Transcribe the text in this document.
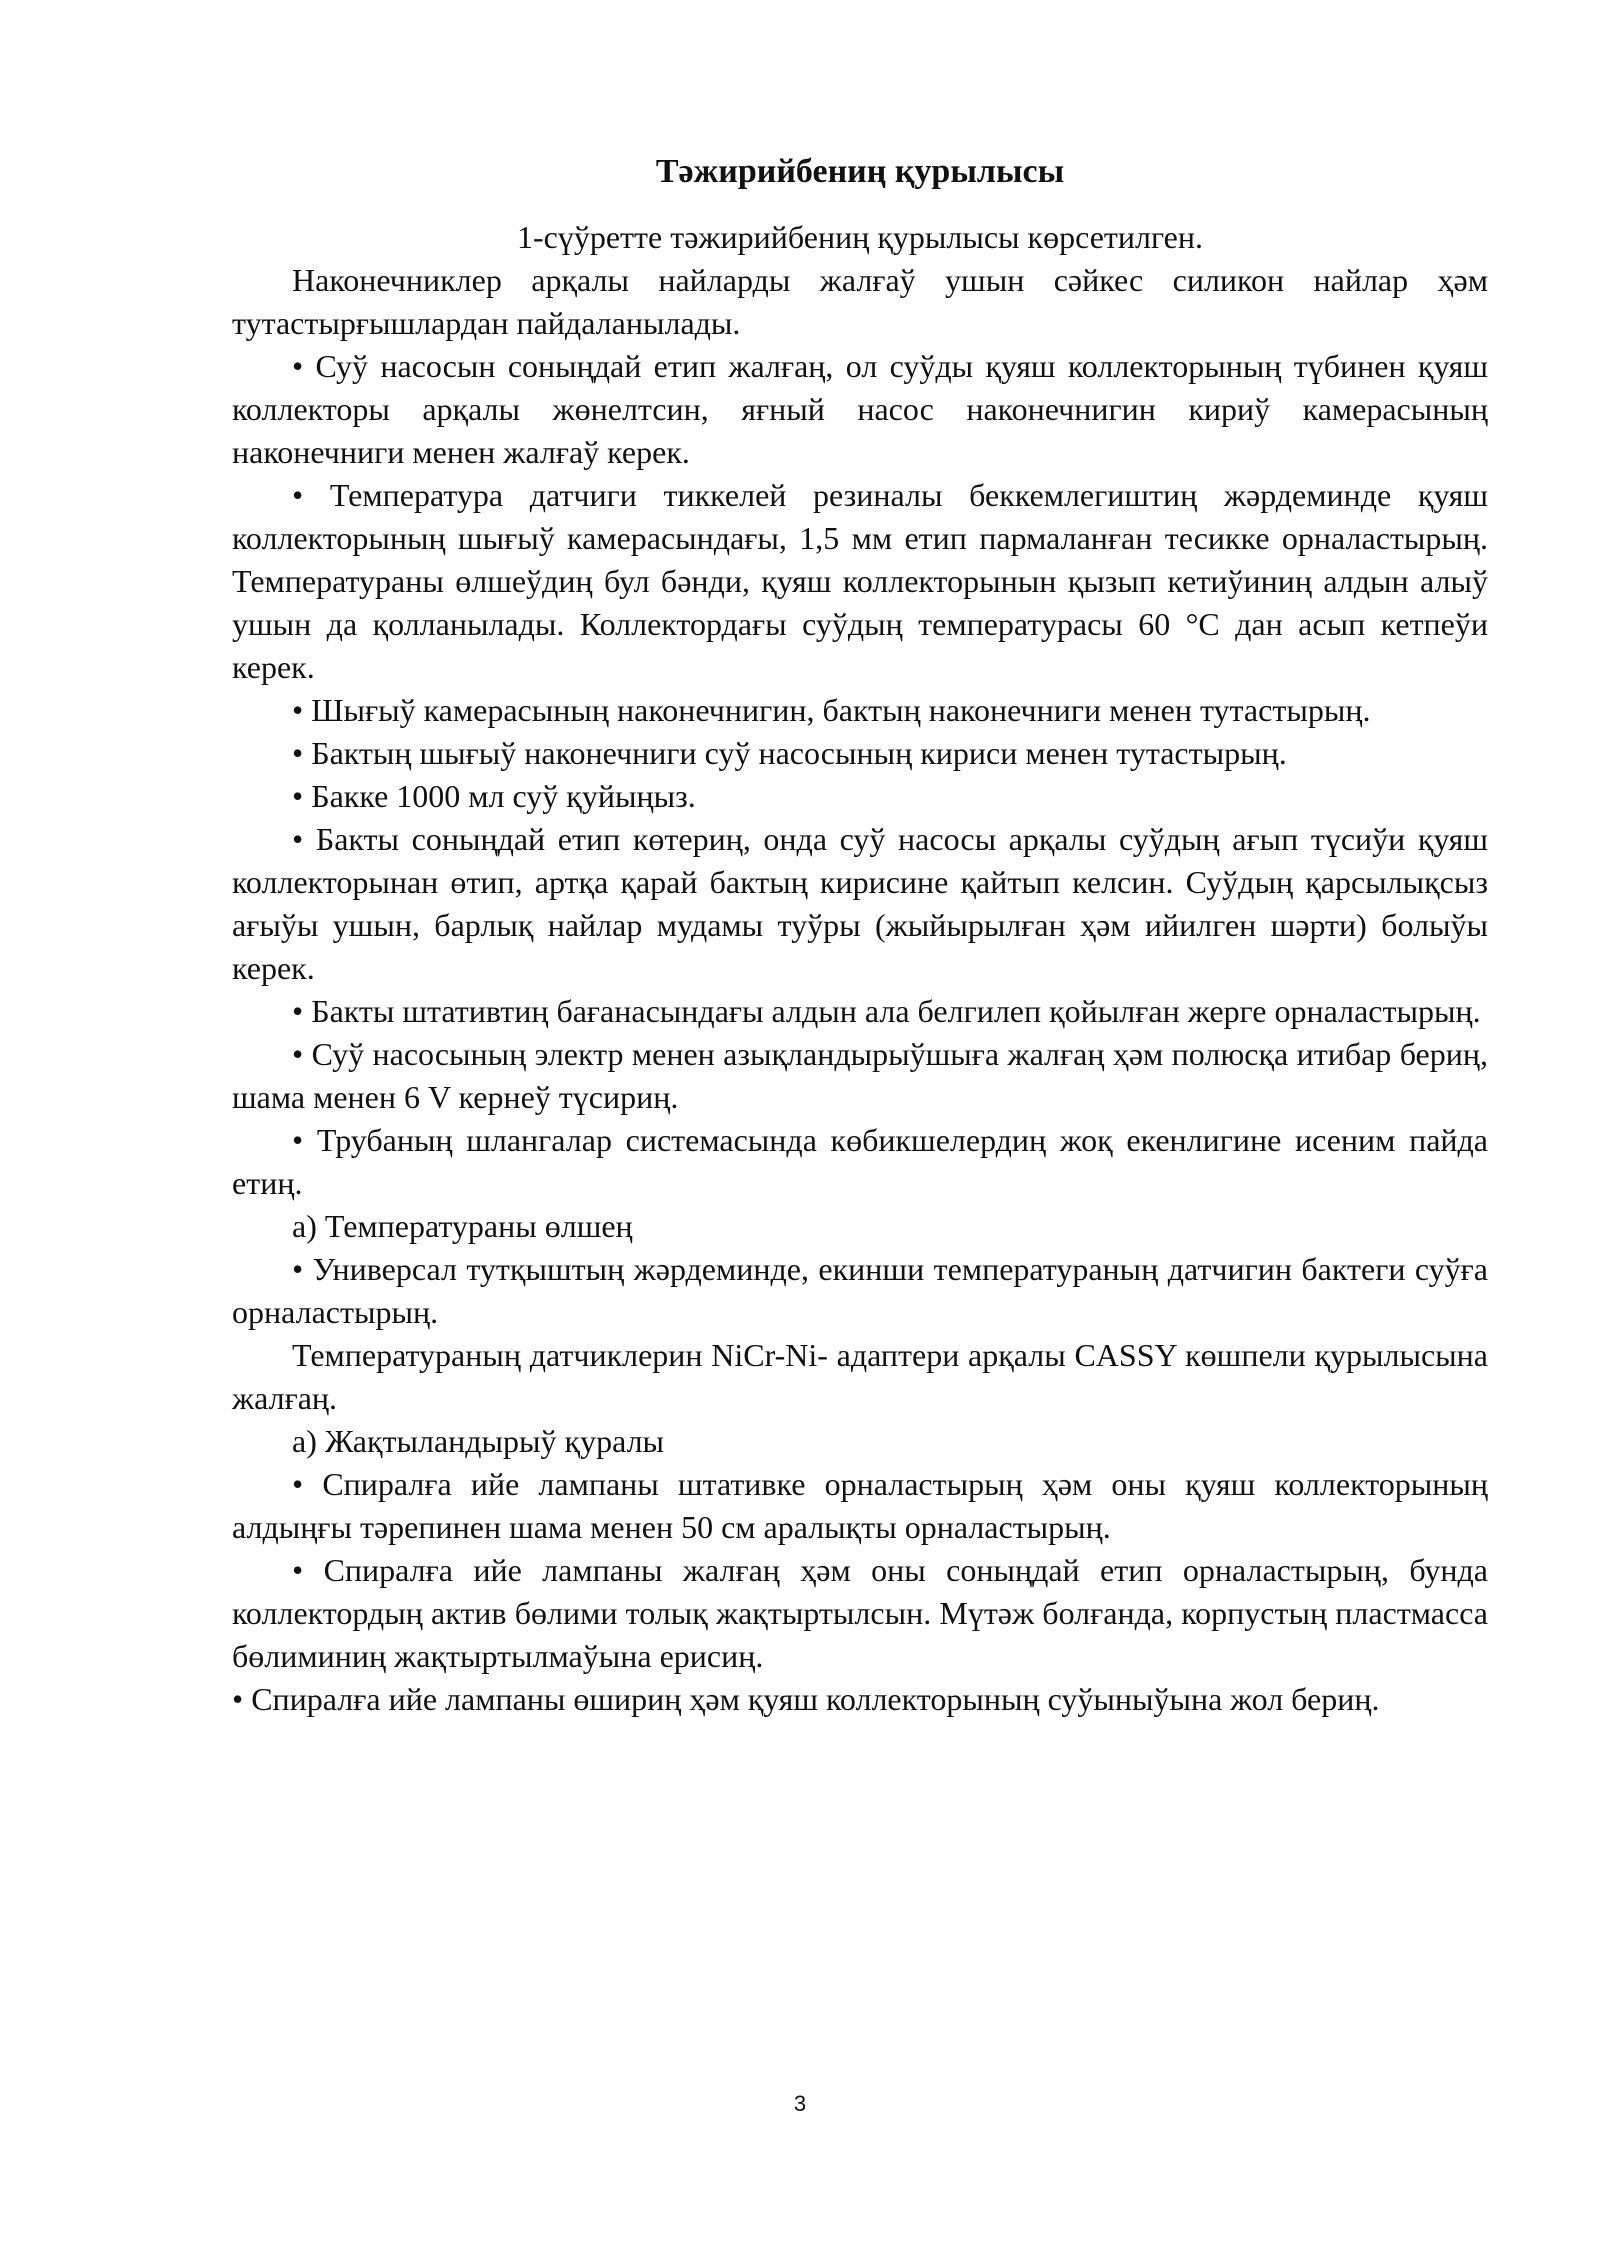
Тәжирийбениң қурылысы

1-сүўретте тәжирийбениң қурылысы көрсетилген.

Наконечниклер арқалы найларды жалғаў ушын сәйкес силикон найлар ҳәм тутастырғышлардан пайдаланылады.

• Суў насосын соныңдай етип жалғаң, ол суўды қуяш коллекторының түбинен қуяш коллекторы арқалы жөнелтсин, яғный насос наконечнигин кириў камерасының наконечниги менен жалғаў керек.

• Температура датчиги тиккелей резиналы беккемлегиштиң жәрдеминде қуяш коллекторының шығыў камерасындағы, 1,5 мм етип пармаланған тесикке орналастырың. Температураны өлшеўдиң бул бәнди, қуяш коллекторынын қызып кетиўиниң алдын алыў ушын да қолланылады. Коллектордағы суўдың температурасы 60 °С дан асып кетпеўи керек.

• Шығыў камерасының наконечнигин, бактың наконечниги менен тутастырың.

• Бактың шығыў наконечниги суў насосының кириси менен тутастырың.

• Бакке 1000 мл суў қуйыңыз.

• Бакты соныңдай етип көтериң, онда суў насосы арқалы суўдың ағып түсиўи қуяш коллекторынан өтип, артқа қарай бактың кирисине қайтып келсин. Суўдың қарсылықсыз ағыўы ушын, барлық найлар мудамы туўры (жыйырылған ҳәм ийилген шәрти) болыўы керек.

• Бакты штативтиң бағанасындағы алдын ала белгилеп қойылған жерге орналастырың.

• Суў насосының электр менен азықландырыўшыға жалғаң ҳәм полюсқа итибар бериң, шама менен 6 V кернеў түсириң.

• Трубаның шлангалар системасында көбикшелердиң жоқ екенлигине исеним пайда етиң.

а) Температураны өлшең

• Универсал тутқыштың жәрдеминде, екинши температураның датчигин бактеги суўға орналастырың.

Температураның датчиклерин NiCr-Ni- адаптери арқалы CASSY көшпели қурылысына жалғаң.

а) Жақтыландырыў қуралы

• Спиралға ийе лампаны штативке орналастырың ҳәм оны қуяш коллекторының алдыңғы тәрепинен шама менен 50 см аралықты орналастырың.

• Спиралға ийе лампаны жалғаң ҳәм оны соныңдай етип орналастырың, бунда коллектордың актив бөлими толық жақтыртылсын. Мүтәж болғанда, корпустың пластмасса бөлиминиң жақтыртылмаўына ерисиң.

• Спиралға ийе лампаны өшириң ҳәм қуяш коллекторының суўыныўына жол бериң.

3
